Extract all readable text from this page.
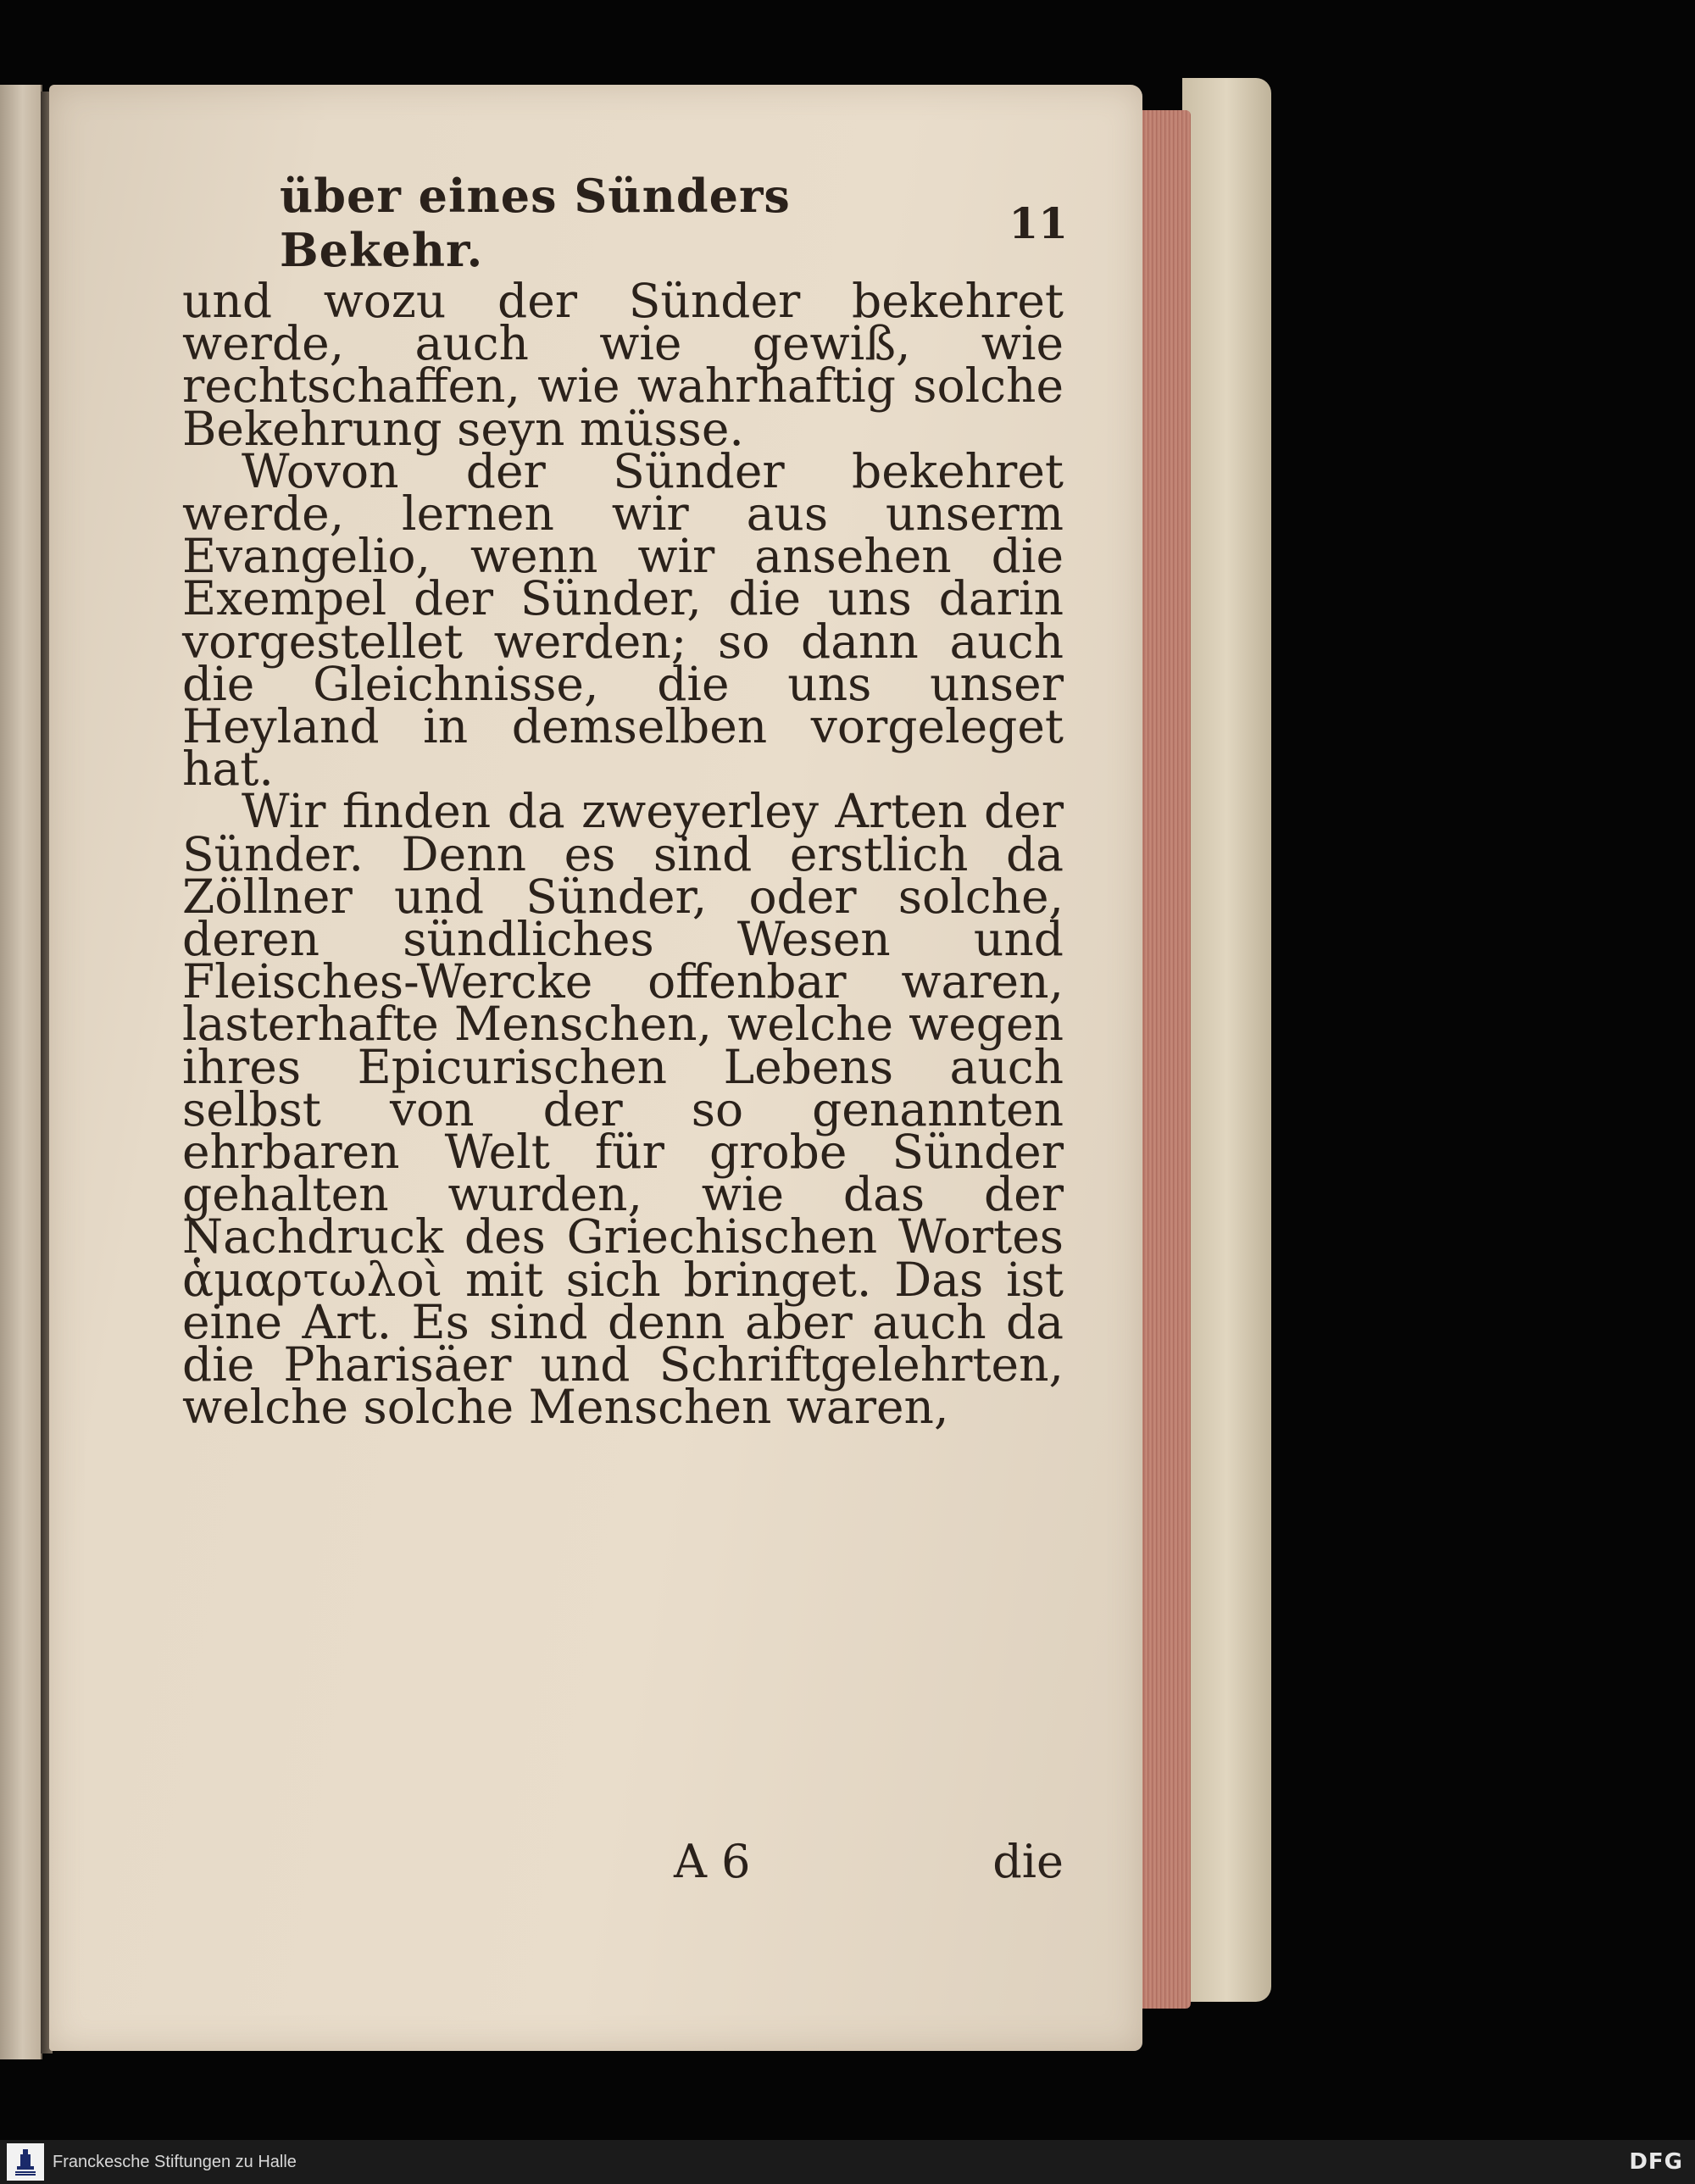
über eines Sünders Bekehr.	11

und wozu der Sünder bekehret werde, auch wie gewiß, wie rechtschaffen, wie wahrhaftig solche Bekehrung seyn müsse.

Wovon der Sünder bekehret werde, lernen wir aus unserm Evangelio, wenn wir ansehen die Exempel der Sünder, die uns darin vorgestellet werden; so dann auch die Gleichnisse, die uns unser Heyland in demselben vorgeleget hat.

Wir finden da zweyerley Arten der Sünder. Denn es sind erstlich da Zöllner und Sünder, oder solche, deren sündliches Wesen und Fleisches-Wercke offenbar waren, lasterhafte Menschen, welche wegen ihres Epicurischen Lebens auch selbst von der so genannten ehrbaren Welt für grobe Sünder gehalten wurden, wie das der Nachdruck des Griechischen Wortes ἁμαρτωλοὶ mit sich bringet. Das ist eine Art. Es sind denn aber auch da die Pharisäer und Schriftgelehrten, welche solche Menschen waren,

A 6	die
Franckesche Stiftungen zu Halle	DFG
